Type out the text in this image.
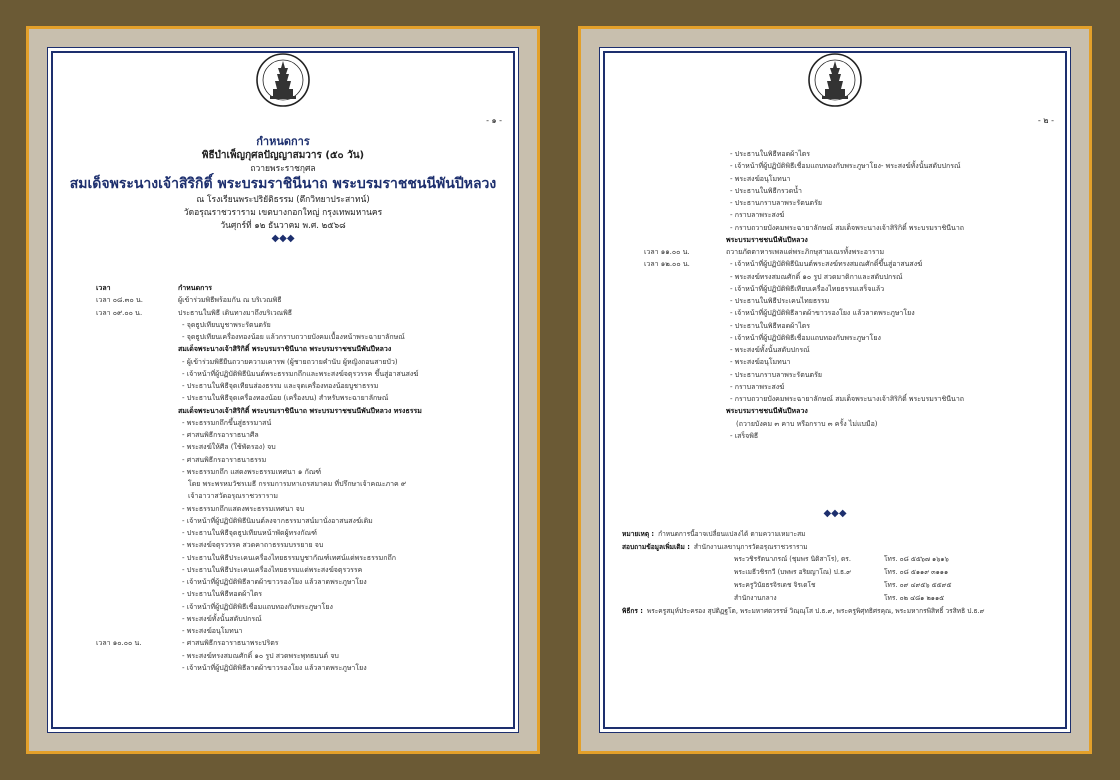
- ๑ -
กำหนดการ
พิธีบำเพ็ญกุศลปัญญาสมวาร (๕๐ วัน)
ถวายพระราชกุศล
สมเด็จพระนางเจ้าสิริกิติ์ พระบรมราชินีนาถ พระบรมราชชนนีพันปีหลวง
ณ โรงเรียนพระปริยัติธรรม (ตึกวิทยาประสาทน์)
วัดอรุณราชวราราม เขตบางกอกใหญ่ กรุงเทพมหานคร
วันศุกร์ที่ ๑๒ ธันวาคม พ.ศ. ๒๕๖๘
◆◆◆
เวลา	กำหนดการ
เวลา ๐๘.๓๐ น.	ผู้เข้าร่วมพิธีพร้อมกัน ณ บริเวณพิธี
เวลา ๐๙.๐๐ น.	ประธานในพิธี เดินทางมาถึงบริเวณพิธี
- จุดธูปเทียนบูชาพระรัตนตรัย
- จุดธูปเทียนเครื่องทองน้อย แล้วกราบถวายบังคมเบื้องหน้าพระฉายาลักษณ์
สมเด็จพระนางเจ้าสิริกิติ์ พระบรมราชินีนาถ พระบรมราชชนนีพันปีหลวง
- ผู้เข้าร่วมพิธียืนถวายความเคารพ (ผู้ชายถวายคำนับ ผู้หญิงถอนสายบัว)
- เจ้าหน้าที่ผู้ปฏิบัติพิธีนิมนต์พระธรรมกถึกและพระสงฆ์จตุรวรรค ขึ้นสู่อาสนสงฆ์
- ประธานในพิธีจุดเทียนส่องธรรม และจุดเครื่องทองน้อยบูชาธรรม
- ประธานในพิธีจุดเครื่องทองน้อย (เครื่องบน) สำหรับพระฉายาลักษณ์
สมเด็จพระนางเจ้าสิริกิติ์ พระบรมราชินีนาถ พระบรมราชชนนีพันปีหลวง ทรงธรรม
- พระธรรมกถึกขึ้นสู่ธรรมาสน์
- ศาสนพิธีกรอาราธนาศีล
- พระสงฆ์ให้ศีล (ใช้พัดรอง) จบ
- ศาสนพิธีกรอาราธนาธรรม
- พระธรรมกถึก แสดงพระธรรมเทศนา ๑ กัณฑ์
โดย พระพรหมวัชรเมธี กรรมการมหาเถรสมาคม ที่ปรึกษาเจ้าคณะภาค ๙
เจ้าอาวาสวัดอรุณราชวราราม
- พระธรรมกถึกแสดงพระธรรมเทศนา จบ
- เจ้าหน้าที่ผู้ปฏิบัติพิธีนิมนต์ลงจากธรรมาสน์มานั่งอาสนสงฆ์เดิม
- ประธานในพิธีจุดธูปเทียนหน้าพัดผู้ทรงกัณฑ์
- พระสงฆ์จตุรวรรค สวดคาถาธรรมบรรยาย จบ
- ประธานในพิธีประเคนเครื่องไทยธรรมบูชากัณฑ์เทศน์แด่พระธรรมกถึก
- ประธานในพิธีประเคนเครื่องไทยธรรมแด่พระสงฆ์จตุรวรรค
- เจ้าหน้าที่ผู้ปฏิบัติพิธีลาดผ้าขาวรองโยง แล้วลาดพระภูษาโยง
- ประธานในพิธีทอดผ้าไตร
- เจ้าหน้าที่ผู้ปฏิบัติพิธีเชื่อมแถบทองกับพระภูษาโยง
- พระสงฆ์ทั้งนั้นสดับปกรณ์
- พระสงฆ์อนุโมทนา
เวลา ๑๐.๐๐ น.	- ศาสนพิธีกรอาราธนาพระปริตร
- พระสงฆ์ทรงสมณศักดิ์ ๑๐ รูป สวดพระพุทธมนต์ จบ
- เจ้าหน้าที่ผู้ปฏิบัติพิธีลาดผ้าขาวรองโยง แล้วลาดพระภูษาโยง
- ๒ -
- ประธานในพิธีทอดผ้าไตร
- เจ้าหน้าที่ผู้ปฏิบัติพิธีเชื่อมแถบทองกับพระภูษาโยง- พระสงฆ์ทั้งนั้นสดับปกรณ์
- พระสงฆ์อนุโมทนา
- ประธานในพิธีกรวดน้ำ
- ประธานกราบลาพระรัตนตรัย
- กราบลาพระสงฆ์
- กราบถวายบังคมพระฉายาลักษณ์ สมเด็จพระนางเจ้าสิริกิติ์ พระบรมราชินีนาถ
พระบรมราชชนนีพันปีหลวง
เวลา ๑๑.๐๐ น.	ถวายภัตตาหารเพลแด่พระภิกษุสามเณรทั้งพระอาราม
เวลา ๑๒.๐๐ น.	- เจ้าหน้าที่ผู้ปฏิบัติพิธีนิมนต์พระสงฆ์ทรงสมณศักดิ์ขึ้นสู่อาสนสงฆ์
- พระสงฆ์ทรงสมณศักดิ์ ๑๐ รูป สวดมาติกาและสดับปกรณ์
- เจ้าหน้าที่ผู้ปฏิบัติพิธีเทียบเครื่องไทยธรรมเสร็จแล้ว
- ประธานในพิธีประเคนไทยธรรม
- เจ้าหน้าที่ผู้ปฏิบัติพิธีลาดผ้าขาวรองโยง แล้วลาดพระภูษาโยง
- ประธานในพิธีทอดผ้าไตร
- เจ้าหน้าที่ผู้ปฏิบัติพิธีเชื่อมแถบทองกับพระภูษาโยง
- พระสงฆ์ทั้งนั้นสดับปกรณ์
- พระสงฆ์อนุโมทนา
- ประธานกราบลาพระรัตนตรัย
- กราบลาพระสงฆ์
- กราบถวายบังคมพระฉายาลักษณ์ สมเด็จพระนางเจ้าสิริกิติ์ พระบรมราชินีนาถ
พระบรมราชชนนีพันปีหลวง
(ถวายบังคม ๓ คาบ หรือกราบ ๓ ครั้ง ไม่แบมือ)
- เสร็จพิธี
◆◆◆
หมายเหตุ : กำหนดการนี้อาจเปลี่ยนแปลงได้ ตามความเหมาะสม
สอบถามข้อมูลเพิ่มเติม : สำนักงานเลขานุการวัดอรุณราชวราราม
พระวชิรรัตนาภรณ์ (ชุมพร นิติสาโร), ดร.	โทร. ๐๘ ๕๕๖๗ ๑๖๑๖
พระเมธีวชิรกวี (บพพร อริยญาโณ) ป.ธ.๙	โทร. ๐๘ ๕๑๑๙ ๓๑๑๑
พระครูวินัยธรจิรเดช จิรเดโช	โทร. ๐๙ ๔๙๕๖ ๕๕๙๕
สำนักงานกลาง	โทร. ๐๒ ๔๘๑ ๒๑๑๕
พิธีกร : พระครูสมุห์ประครอง สุปติฏฐโต, พระมหาศตวรรษ์ วิณฺณุโส ป.ธ.๙, พระครูพิศุทธิศรคุณ, พระมหากรพิสิทธิ์ วรสิทธิ ป.ธ.๙
